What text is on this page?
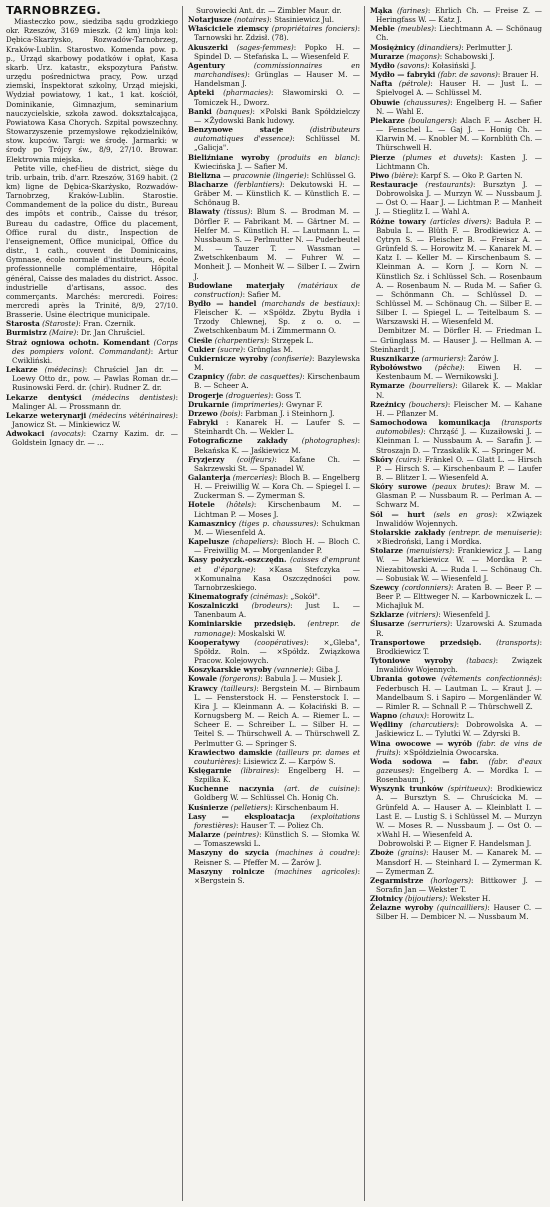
TARNOBRZEG.

Miasteczko pow., siedziba sądu grodzkiego okr. Rzeszów, 3169 mieszk. (2 km) linja kol: Dębica-Skarżysko, Rozwadów-Tarnobrzeg, Kraków-Lublin. Starostwo. Komenda pow. p. p., Urząd skarbowy podatków i opłat, Kasa skarb. Urz. katastr., ekspozytura Państw. urzędu pośrednictwa pracy, Pow. urząd ziemski, Inspektorat szkolny, Urząd miejski, Wydział powiatowy, 1 kat., 1 kat. kościół, Dominikanie, Gimnazjum, seminarium nauczycielskie, szkoła zawod. dokształcająca, Powiatowa Kasa Chorych. Szpital powszechny. Stowarzyszenie przemysłowe rękodzielników, stow. kupców. Targi: we środę. Jarmarki: w środy po Trójcy św., 8/9, 27/10. Browar. Elektrownia miejska.

Petite ville, chef-lieu de district, siège du trib. urbain, trib. d'arr. Rzeszów, 3169 habit. (2 km) ligne de Dębica-Skarżysko, Rozwadów-Tarnobrzeg, Kraków-Lublin. Starostie. Commandement de la police du distr., Bureau des impôts et contrib., Caisse du trésor, Bureau du cadastre, Office du placement, Office rural du distr., Inspection de l'enseignement, Office municipal, Office du distr., 1 cath., couvent de Dominicains, Gymnase, école normale d'instituteurs, école professionnelle complémentaire, Hôpital général, Caisse des malades du district. Assoc. industrielle d'artisans, assoc. des commerçants. Marchés: mercredi. Foires: mercredi après la Trinité, 8/9, 27/10. Brasserie. Usine électrique municipale.

Starosta (Staroste): Fran. Czernik.

Burmistrz (Maire): Dr. Jan Chrušciel.

Straż ogniowa ochotn. Komendant (Corps des pompiers volont. Commandant): Artur Cwikliński.

Lekarze (médecins): Chruściel Jan dr. — Loewy Otto dr., pow. — Pawlas Roman dr.—Rusinowski Ferd. dr. (chir). Rudner Z. dr.

Lekarze dentyści (médecins dentistes): Malinger Al. — Prossmann dr.

Lekarze weterynarji (médecins vétérinaires): Janowicz St. — Minkiewicz W.

Adwokaci (avocats): Czarny Kazim. dr. — Goldstein Ignacy dr. — ...

Surowiecki Ant. dr. — Zimbler Maur. dr.

Notarjusze (notaires): Stasiniewicz Jul.

Właściciele ziemscy (propriétaires fonciers): Tarnowski hr. Zdzisł. (78).

Akuszerki (sages-femmes): Popko H. — Spindel D. — Stefańska L. — Wiesenfeld F.

Agentury	(commissionnaires en marchandises): Grünglas — Hauser M. — Handelsman J.

Apteki (pharmacies): Sławomirski O. — Tomiczek H., Dworz.

Banki (banques): ×Polski Bank Spółdzielczy — ×Żydowski Bank ludowy.

Benzynowe stacje	(distributeurs automatiques d'essence): Schlüssel M. „Galicja".

Bieliźniane wyroby (produits en blanc): Kwiecińska J. — Safier M.

Bielizna — pracownie (lingerie): Schlüssel G.

Blacharze (ferblantiers): Dekutowski H. — Gräber M. — Künstlich K. — Künstlich E. — Schönaug B.

Blawaty (tissus): Blum S. — Brodman M. — Dörfler F. — Fabrikant M. — Gärtner M. — Helfer M. — Künstlich H. — Lautmann L. — Nussbaum S. — Perlmutter N. — Puderbeutel M. — Tauzer T. — Wassman — Zwetschkenbaum M. — Fuhrer W. — Monheit J. — Monheit W. — Silber I. — Zwirn J.

Budowlane materjały (matériaux de construction): Safier M.

Bydło — handel (marchands de bestiaux): Fleischer K. — ×Spółdz. Zbytu Bydła i Trzody Chlewnej, Sp. z o. o. — Zwetschkenbaum M. i Zimmermann O.

Cieśle (charpentiers): Strzępek L.

Cukier (sucre): Grünglas M.

Cukiernicze wyroby (confiserie): Bazylewska M.

Czapnicy (fabr. de casquettes): Kirschenbaum B. — Scheer A.

Drogerje (drogueries): Goss T.

Drukarnie (imprimeries): Gwynar F.

Drzewo (bois): Farbman J. i Steinhorn J.

Fabryki : Kanarek H. — Laufer S. — Steinhardt Ch. — Wekler L.

Fotograficzne zakłady (photographes): Bekańska K. — Jaśkiewicz M.

Fryzjerzy (coiffeurs): Kafane Ch. — Sakrzewski St. — Spanadel W.

Galanterja (merceries): Bloch B. — Engelberg H. — Freiwillig W. — Kora Ch. — Spiegel I. — Zuckerman S. — Zymerman S.

Hotele (hôtels): Kirschenbaum M. — Lichtman P. — Moses J.

Kamasznicy (tiges p. chaussures): Schukman M. — Wiesenfeld A.

Kapelusze (chapeliers): Bloch H. — Bloch C. — Freiwillig M. — Morgenlander P.

Kasy pożyczk.-oszczędn. (caisses d'emprunt et d'épargne): ×Kasa Stefczyka — ×Komunalna Kasa Oszczędności pow. Tarnobrzeskiego.

Kinematografy (cinémas): „Sokół".

Koszalniczki (brodeurs): Just L. — Tanenbaum A.

Kominiarskie przedsięb. (entrepr. de ramonage): Moskalski W.

Kooperatywy (coopératives): ×„Gleba", Spółdz. Roln. — ×Spółdz. Związkowa Pracow. Kolejowych.

Koszykarskie wyroby (vannerie): Giba J.

Kowale (forgerons): Babula J. — Musiek J.

Krawcy (tailleurs): Bergstein M. — Birnbaum L. — Fensterstock H. — Fensterstock I. — Kira J. — Kleinmann A. — Kołaciński B. — Kornugsberg M. — Reich A. — Riemer L. — Scheer E. — Schreiber L. — Silber H. — Teitel S. — Thürschwell A. — Thürschwell Z. Perlmutter G. — Springer S.

Krawiectwo damskie (tailleurs pr. dames et couturières): Lisiewicz Z. — Karpów S.

Księgarnie (libraires): Engelberg H. — Szpilka K.

Kuchenne naczynia (art. de cuisine): Goldberg W. — Schlüssel Ch. Honig Ch.

Kuśnierze (pelletiers): Kirschenbaum H.

Lasy — eksploatacja (exploitations forestières): Hauser T. — Poliez Ch.

Malarze (peintres): Künstlich S. — Słomka W. — Tomaszewski L.

Maszyny do szycia (machines à coudre): Reisner S. — Pfeffer M. — Żarów J.

Maszyny rolnicze (machines agricoles): ×Bergstein S.

Mąka (farines): Ehrlich Ch. — Freise Z. — Heringfass W. — Katz J.

Meble (meubles): Liechtmann A. — Schönaug Ch.

Mosiężnicy (dinandiers): Perlmutter J.

Murarze (maçons): Schabowski J.

Mydło (savons): Kołasiński J.

Mydło — fabryki (fabr. de savons): Brauer H.

Nafta (pétrole): Hauser H. — Just L. — Spielvogel A. — Schlüssel M.

Obuwie (chaussures): Engelberg H. — Safier N. — Wahl E.

Piekarze (boulangers): Alach F. — Ascher H. — Fenschel L. — Gaj J. — Honig Ch. — Klarwin M. — Knobler M. — Kornblüth Ch. — Thürschwell H.

Pierze (plumes et duvets): Kasten J. — Lichtmann Ch.

Piwo (bière): Karpf S. — Oko P. Garten N.

Restauracje (restaurants): Bursztyn J. — Dobrowolska J. — Murzyn W. — Nussbaum J. — Ost O. — Haar J. — Lichtman P. — Manheit J. — Stieglitz I. — Wahl A.

Różne towary (articles divers): Baduła P. — Babula L. — Blüth F. — Brodkiewicz A. — Cytryn S. — Fleischer B. — Freisar A. — Grünfeld S. — Horowitz M. — Kanarek M. — Katz I. — Keller M. — Kirschenbaum S. — Kleinman A. — Korn J. — Korn N. — Künstlich Sz. i Schlüssel Sch. — Rosenbaum A. — Rosenbaum N. — Ruda M. — Safier G. — Schönmann Ch. — Schlüssel D. — Schlüssel M. — Schönaug Ch. — Silber E. — Silber I. — Spiegel L. — Teitelbaum S. — Warszawski H. — Wiesenfeld M.

Dembitzer M. — Dörfler H. — Friedman L. — Grünglass M. — Hauser J. — Hellman A. — Steinhardt J.

Rusznikarze (armuriers): Żarów J.

Rybołówstwo (pêche): Eiwen H. — Kestenbaum M. — Wernikowski J.

Rymarze (bourreliers): Gilarek K. — Maklar N.

Rzeźnicy (bouchers): Fleischer M. — Kahane H. — Pflanzer M.

Samochodowa komunikacja (transports automobiles): Chrząść J. — Kuzaiłowski J. — Kleinman I. — Nussbaum A. — Sarafin J. — Stroszajn D. — Trzaskalik K. — Springer M.

Skóry (cuirs): Fränkel O. — Glatt L. — Hirsch P. — Hirsch S. — Kirschenbaum P. — Laufer B. — Blitzer I. — Wiesenfeld A.

Skóry surowe (peaux brutes): Braw M. — Glasman P. — Nussbaum R. — Perlman A. — Schwarz M.

Sól — hurt (sels en gros): ×Związek Inwalidów Wojennych.

Stolarskie zakłady (entrepr. de menuiserie): ×Biedroński, Lang i Mordka.

Stolarze (menuisiers): Frankiewicz J. — Lang W. — Markiewicz W. — Mordka P. — Niezabitowski A. — Ruda I. — Schönaug Ch. — Sobusiak W. — Wiesenfeld J.

Szewcy (cordonniers): Araten B. — Beer P. — Beer P. — Elttweger N. — Karbowniczek L. — Michajluk M.

Szklarze (vitriers): Wiesenfeld J.

Ślusarze (serruriers): Uzarowski A. Szumada R.

Transportowe przedsięb. (transports): Brodkiewicz T.

Tytoniowe wyroby (tabacs): Związek Inwalidów Wojennych.

Ubrania gotowe (vêtements confectionnés): Federbusch H. — Lautman L. — Kraut J. — Mandelbaum S. i Sapiro — Morgenländer W. — Rimler R. — Schnall P. — Thürschwell Z.

Wapno (chaux): Horowitz L.

Wędliny (charcutiers): Dobrowolska A. — Jaśkiewicz L. — Tylutki W. — Zdyrski B.

Wina owocowe — wyrób (fabr. de vins de fruits): ×Spółdzielnia Owocarska.

Woda sodowa — fabr. (fabr. d'eaux gazeuses): Engelberg A. — Mordka I. — Rosenbaum J.

Wyszynk trunków (spiritueux): Brodkiewicz A. — Bursztyn S. — Chruścicka M. — Grünfeld A. — Hauser A. — Kleinblatt I. — Last E. — Lustig S. i Schlüssel M. — Murzyn W. — Moses R. — Nussbaum J. — Ost O. — ×Wahl H. — Wiesenfeld A.

Dobrowolski P. — Eigner F. Handelsman J.

Zboże (grains): Hauser M. — Kanarek M. — Mansdorf H. — Steinhard I. — Zymerman K. — Zymerman Z.

Zegarmistrze (horlogers): Bittkower J. — Sorafin Jan — Wekster T.

Złotnicy (bijoutiers): Wekster H.

Żelazne wyroby (quincailliers): Hauser C. — Silber H. — Dembicer N. — Nussbaum M.
